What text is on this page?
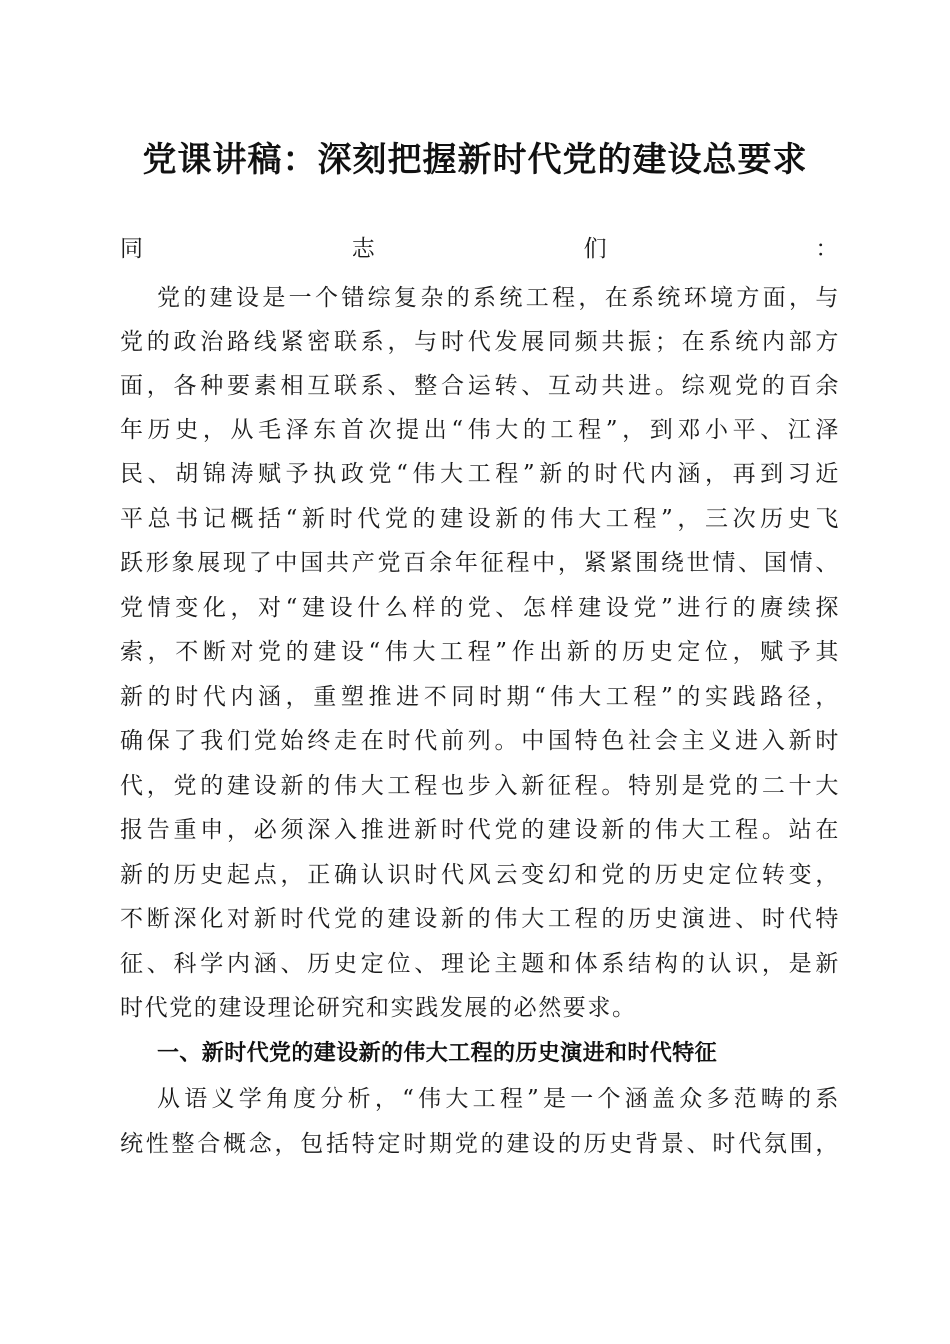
党课讲稿：深刻把握新时代党的建设总要求
同志们：
党的建设是一个错综复杂的系统工程，在系统环境方面，与
党的政治路线紧密联系，与时代发展同频共振；在系统内部方
面，各种要素相互联系、整合运转、互动共进。综观党的百余
年历史，从毛泽东首次提出“伟大的工程”，到邓小平、江泽
民、胡锦涛赋予执政党“伟大工程”新的时代内涵，再到习近
平总书记概括“新时代党的建设新的伟大工程”，三次历史飞
跃形象展现了中国共产党百余年征程中，紧紧围绕世情、国情、
党情变化，对“建设什么样的党、怎样建设党”进行的赓续探
索，不断对党的建设“伟大工程”作出新的历史定位，赋予其
新的时代内涵，重塑推进不同时期“伟大工程”的实践路径，
确保了我们党始终走在时代前列。中国特色社会主义进入新时
代，党的建设新的伟大工程也步入新征程。特别是党的二十大
报告重申，必须深入推进新时代党的建设新的伟大工程。站在
新的历史起点，正确认识时代风云变幻和党的历史定位转变，
不断深化对新时代党的建设新的伟大工程的历史演进、时代特
征、科学内涵、历史定位、理论主题和体系结构的认识，是新
时代党的建设理论研究和实践发展的必然要求。
一、新时代党的建设新的伟大工程的历史演进和时代特征
从语义学角度分析，“伟大工程”是一个涵盖众多范畴的系
统性整合概念，包括特定时期党的建设的历史背景、时代氛围，
